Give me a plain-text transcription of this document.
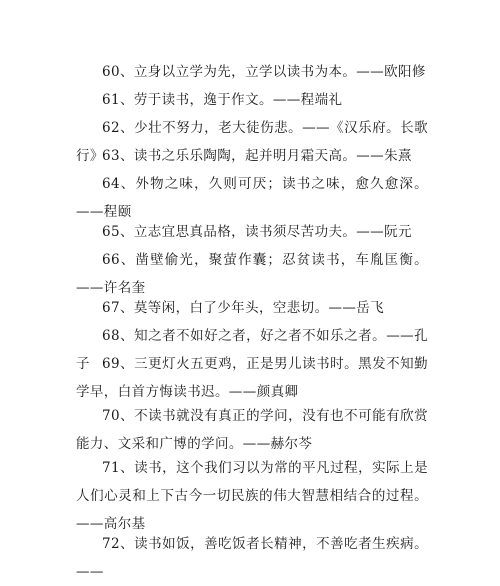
60、立身以立学为先，立学以读书为本。——欧阳修

61、劳于读书，逸于作文。——程端礼

62、少壮不努力，老大徒伤悲。——《汉乐府。长歌行》

63、读书之乐乐陶陶，起并明月霜天高。——朱熹

64、外物之味，久则可厌；读书之味，愈久愈深。——程颐

65、立志宜思真品格，读书须尽苦功夫。——阮元

66、凿壁偷光，聚萤作囊；忍贫读书，车胤匡衡。——许名奎

67、莫等闲，白了少年头，空悲切。——岳飞

68、知之者不如好之者，好之者不如乐之者。——孔子 69、三更灯火五更鸡，正是男儿读书时。黑发不知勤学早，白首方悔读书迟。——颜真卿

70、不读书就没有真正的学问，没有也不可能有欣赏能力、文采和广博的学问。——赫尔芩

71、读书，这个我们习以为常的平凡过程，实际上是人们心灵和上下古今一切民族的伟大智慧相结合的过程。——高尔基

72、读书如饭，善吃饭者长精神，不善吃者生疾病。——
